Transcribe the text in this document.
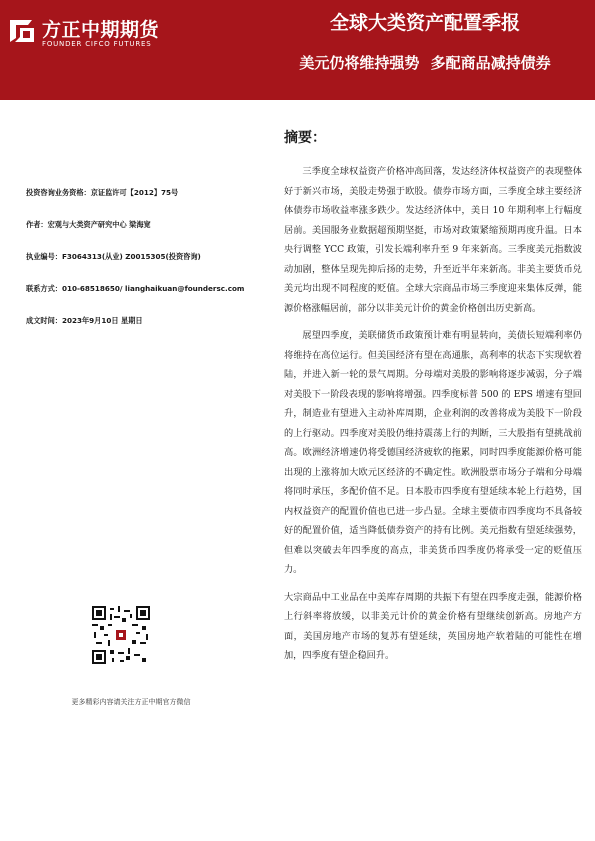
方正中期期货
FOUNDER CIFCO FUTURES
全球大类资产配置季报
美元仍将维持强势 多配商品减持债券
摘要：

三季度全球权益资产价格冲高回落，发达经济体权益资产的表现整体好于新兴市场，美股走势强于欧股。债券市场方面，三季度全球主要经济体债券市场收益率涨多跌少。发达经济体中，美日 10 年期利率上行幅度居前。美国服务业数据超预期坚挺，市场对政策紧缩预期再度升温。日本央行调整 YCC 政策，引发长端利率升至 9 年来新高。三季度美元指数波动加剧，整体呈现先抑后扬的走势，升至近半年来新高。非美主要货币兑美元均出现不同程度的贬值。全球大宗商品市场三季度迎来集体反弹，能源价格涨幅居前，部分以非美元计价的黄金价格创出历史新高。

展望四季度，美联储货币政策预计难有明显转向，美债长短端利率仍将维持在高位运行。但美国经济有望在高通胀，高利率的状态下实现软着陆，并进入新一轮的景气周期。分母端对美股的影响将逐步减弱，分子端对美股下一阶段表现的影响将增强。四季度标普 500 的 EPS 增速有望回升，制造业有望进入主动补库周期，企业利润的改善将成为美股下一阶段的上行驱动。四季度对美股仍维持震荡上行的判断，三大股指有望挑战前高。欧洲经济增速仍将受德国经济疲软的拖累，同时四季度能源价格可能出现的上涨将加大欧元区经济的不确定性。欧洲股票市场分子端和分母端将同时承压，多配价值不足。日本股市四季度有望延续本轮上行趋势，国内权益资产的配置价值也已进一步凸显。全球主要债市四季度均不具备较好的配置价值，适当降低债券资产的持有比例。美元指数有望延续强势，但难以突破去年四季度的高点，非美货币四季度仍将承受一定的贬值压力。

大宗商品中工业品在中美库存周期的共振下有望在四季度走强，能源价格上行斜率将放缓，以非美元计价的黄金价格有望继续创新高。房地产方面，美国房地产市场的复苏有望延续，英国房地产软着陆的可能性在增加，四季度有望企稳回升。

投资咨询业务资格：京证监许可【2012】75号
作者：宏观与大类资产研究中心 梁海宽
执业编号：F3064313(从业) Z0015305(投资咨询)
联系方式：010-68518650/ lianghaikuan@foundersc.com
成文时间：2023年9月10日 星期日
更多精彩内容请关注方正中期官方微信
